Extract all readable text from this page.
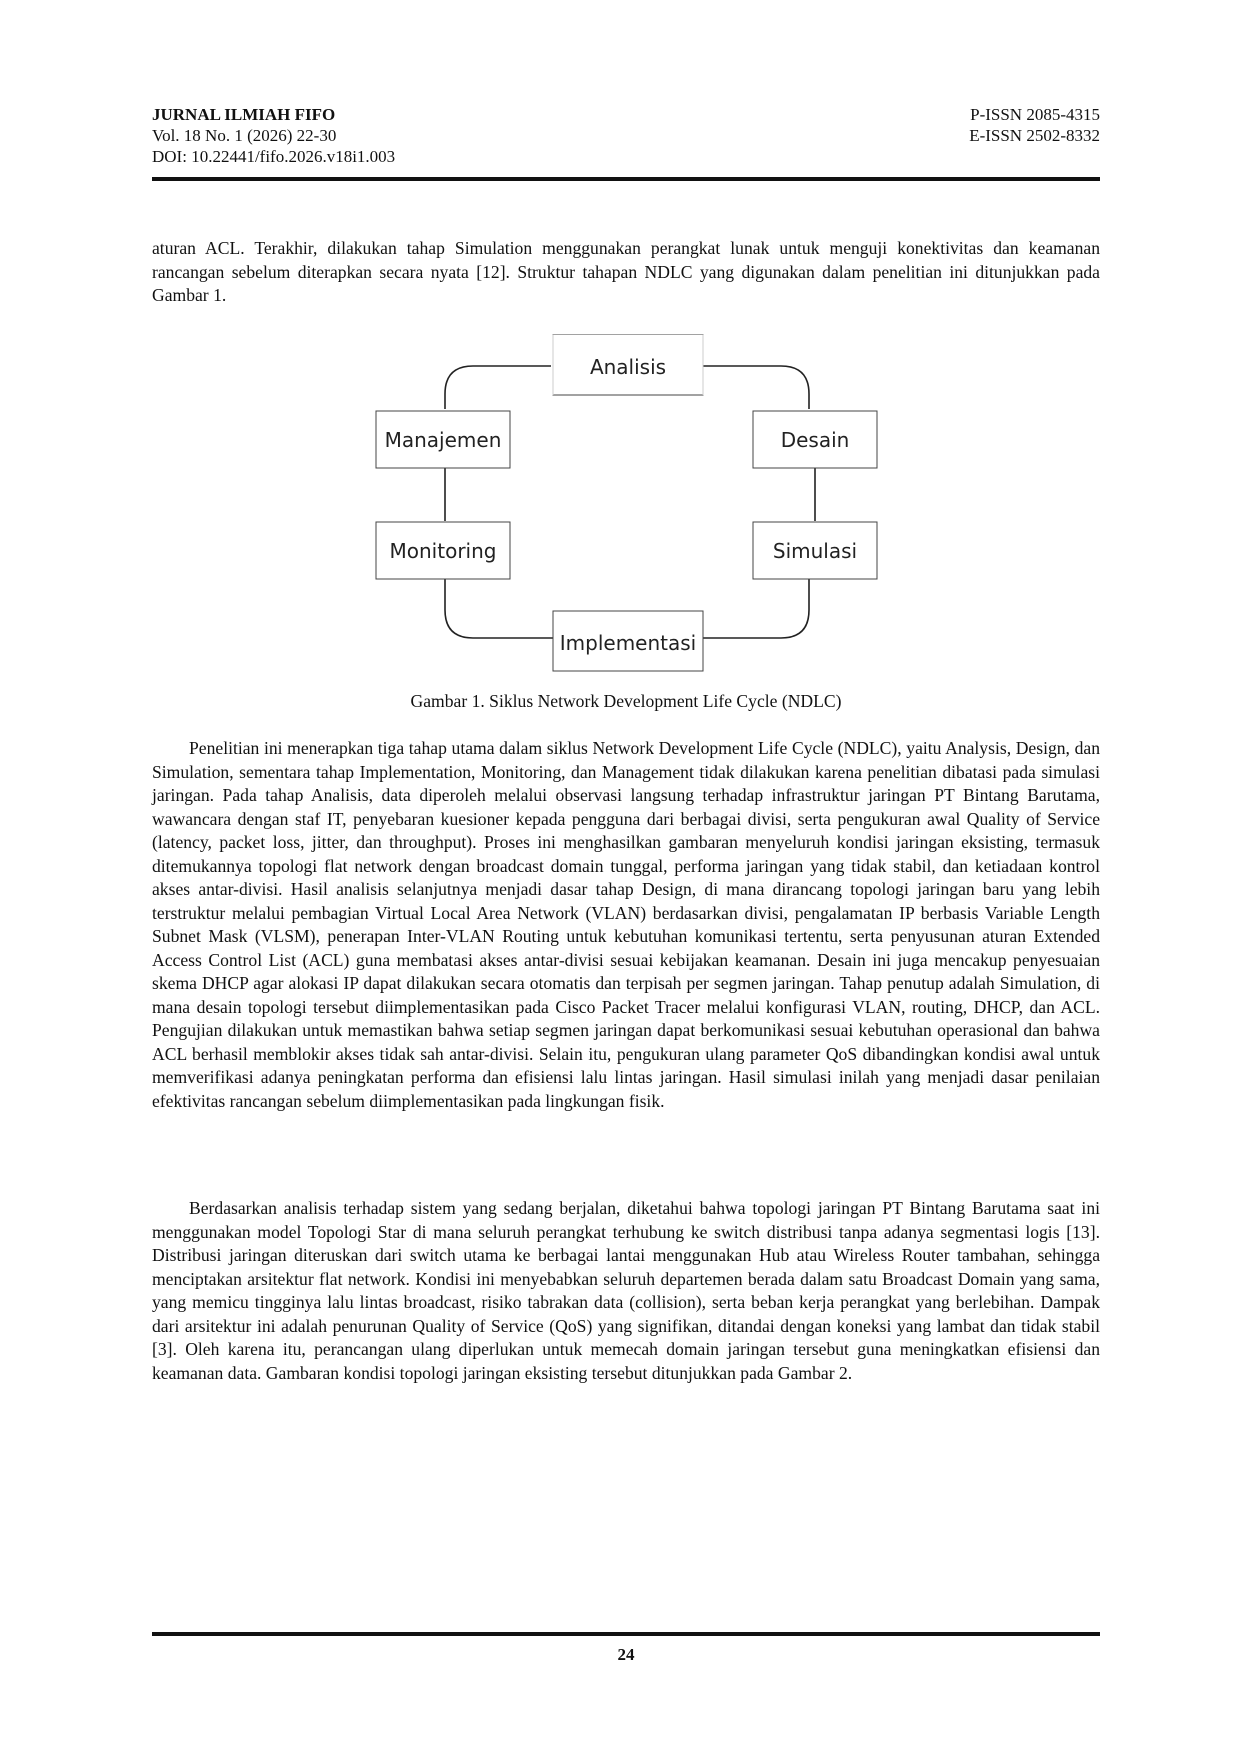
JURNAL ILMIAH FIFO	P-ISSN 2085-4315
Vol. 18 No. 1 (2026) 22-30	E-ISSN 2502-8332
DOI: 10.22441/fifo.2026.v18i1.003

aturan ACL. Terakhir, dilakukan tahap Simulation menggunakan perangkat lunak untuk menguji konektivitas dan keamanan rancangan sebelum diterapkan secara nyata [12]. Struktur tahapan NDLC yang digunakan dalam penelitian ini ditunjukkan pada Gambar 1.

Analisis
Desain
Simulasi
Implementasi
Monitoring
Manajemen
Gambar 1. Siklus Network Development Life Cycle (NDLC)

Penelitian ini menerapkan tiga tahap utama dalam siklus Network Development Life Cycle (NDLC), yaitu Analysis, Design, dan Simulation, sementara tahap Implementation, Monitoring, dan Management tidak dilakukan karena penelitian dibatasi pada simulasi jaringan. Pada tahap Analisis, data diperoleh melalui observasi langsung terhadap infrastruktur jaringan PT Bintang Barutama, wawancara dengan staf IT, penyebaran kuesioner kepada pengguna dari berbagai divisi, serta pengukuran awal Quality of Service (latency, packet loss, jitter, dan throughput). Proses ini menghasilkan gambaran menyeluruh kondisi jaringan eksisting, termasuk ditemukannya topologi flat network dengan broadcast domain tunggal, performa jaringan yang tidak stabil, dan ketiadaan kontrol akses antar-divisi. Hasil analisis selanjutnya menjadi dasar tahap Design, di mana dirancang topologi jaringan baru yang lebih terstruktur melalui pembagian Virtual Local Area Network (VLAN) berdasarkan divisi, pengalamatan IP berbasis Variable Length Subnet Mask (VLSM), penerapan Inter-VLAN Routing untuk kebutuhan komunikasi tertentu, serta penyusunan aturan Extended Access Control List (ACL) guna membatasi akses antar-divisi sesuai kebijakan keamanan. Desain ini juga mencakup penyesuaian skema DHCP agar alokasi IP dapat dilakukan secara otomatis dan terpisah per segmen jaringan. Tahap penutup adalah Simulation, di mana desain topologi tersebut diimplementasikan pada Cisco Packet Tracer melalui konfigurasi VLAN, routing, DHCP, dan ACL. Pengujian dilakukan untuk memastikan bahwa setiap segmen jaringan dapat berkomunikasi sesuai kebutuhan operasional dan bahwa ACL berhasil memblokir akses tidak sah antar-divisi. Selain itu, pengukuran ulang parameter QoS dibandingkan kondisi awal untuk memverifikasi adanya peningkatan performa dan efisiensi lalu lintas jaringan. Hasil simulasi inilah yang menjadi dasar penilaian efektivitas rancangan sebelum diimplementasikan pada lingkungan fisik.

Berdasarkan analisis terhadap sistem yang sedang berjalan, diketahui bahwa topologi jaringan PT Bintang Barutama saat ini menggunakan model Topologi Star di mana seluruh perangkat terhubung ke switch distribusi tanpa adanya segmentasi logis [13]. Distribusi jaringan diteruskan dari switch utama ke berbagai lantai menggunakan Hub atau Wireless Router tambahan, sehingga menciptakan arsitektur flat network. Kondisi ini menyebabkan seluruh departemen berada dalam satu Broadcast Domain yang sama, yang memicu tingginya lalu lintas broadcast, risiko tabrakan data (collision), serta beban kerja perangkat yang berlebihan. Dampak dari arsitektur ini adalah penurunan Quality of Service (QoS) yang signifikan, ditandai dengan koneksi yang lambat dan tidak stabil [3]. Oleh karena itu, perancangan ulang diperlukan untuk memecah domain jaringan tersebut guna meningkatkan efisiensi dan keamanan data. Gambaran kondisi topologi jaringan eksisting tersebut ditunjukkan pada Gambar 2.

24
